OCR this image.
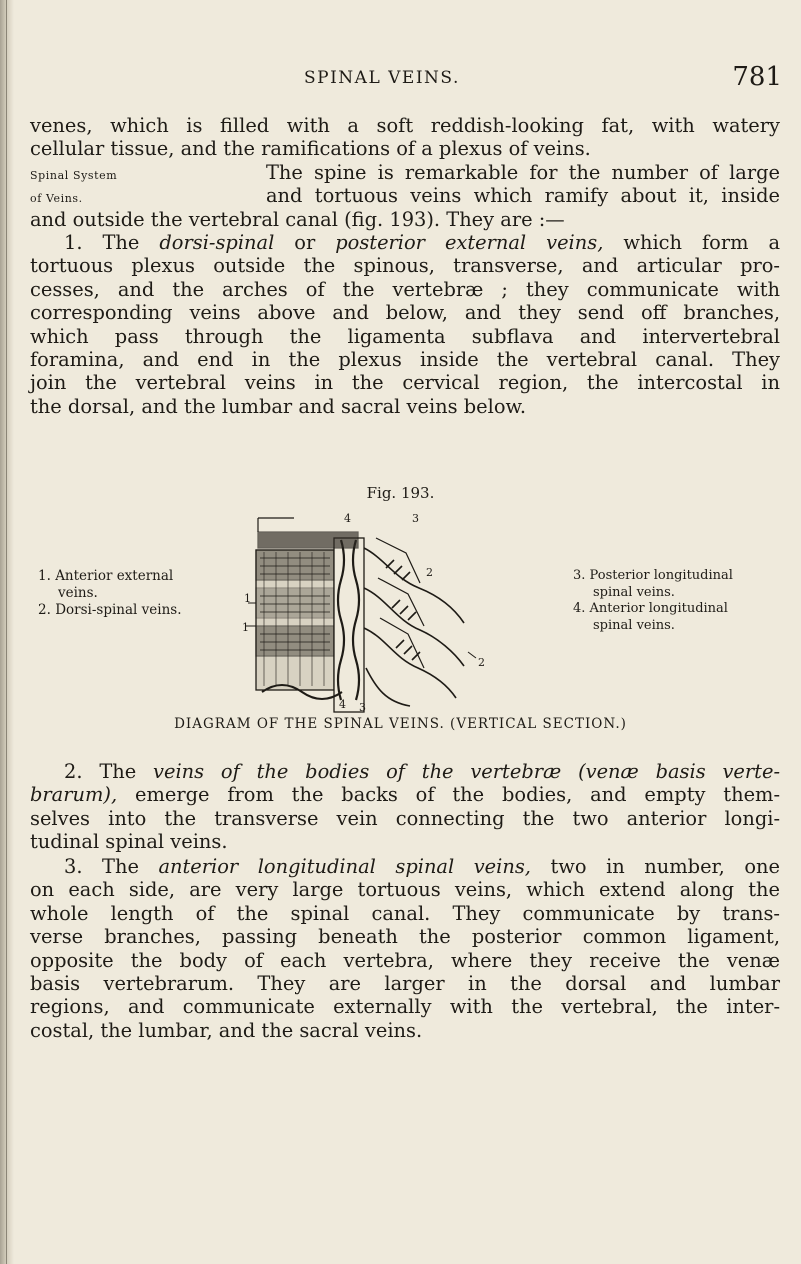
SPINAL VEINS.	781
venes, which is filled with a soft reddish-looking fat, with watery
cellular tissue, and the ramifications of a plexus of veins.
Spinal System	The spine is remarkable for the number of large
of Veins.	and tortuous veins which ramify about it, inside
and outside the vertebral canal (fig. 193). They are :—
1. The dorsi-spinal or posterior external veins, which form a
tortuous plexus outside the spinous, transverse, and articular pro-
cesses, and the arches of the vertebræ ; they communicate with
corresponding veins above and below, and they send off branches,
which pass through the ligamenta subflava and intervertebral
foramina, and end in the plexus inside the vertebral canal. They
join the vertebral veins in the cervical region, the intercostal in
the dorsal, and the lumbar and sacral veins below.
Fig. 193.
1. Anterior external
veins.
2. Dorsi-spinal veins.
3. Posterior longitudinal
spinal veins.
4. Anterior longitudinal
spinal veins.
1
1
2
3
3
4
4
2
DIAGRAM OF THE SPINAL VEINS. (VERTICAL SECTION.)
2. The veins of the bodies of the vertebræ (venæ basis verte-
brarum), emerge from the backs of the bodies, and empty them-
selves into the transverse vein connecting the two anterior longi-
tudinal spinal veins.
3. The anterior longitudinal spinal veins, two in number, one
on each side, are very large tortuous veins, which extend along the
whole length of the spinal canal. They communicate by trans-
verse branches, passing beneath the posterior common ligament,
opposite the body of each vertebra, where they receive the venæ
basis vertebrarum. They are larger in the dorsal and lumbar
regions, and communicate externally with the vertebral, the inter-
costal, the lumbar, and the sacral veins.
